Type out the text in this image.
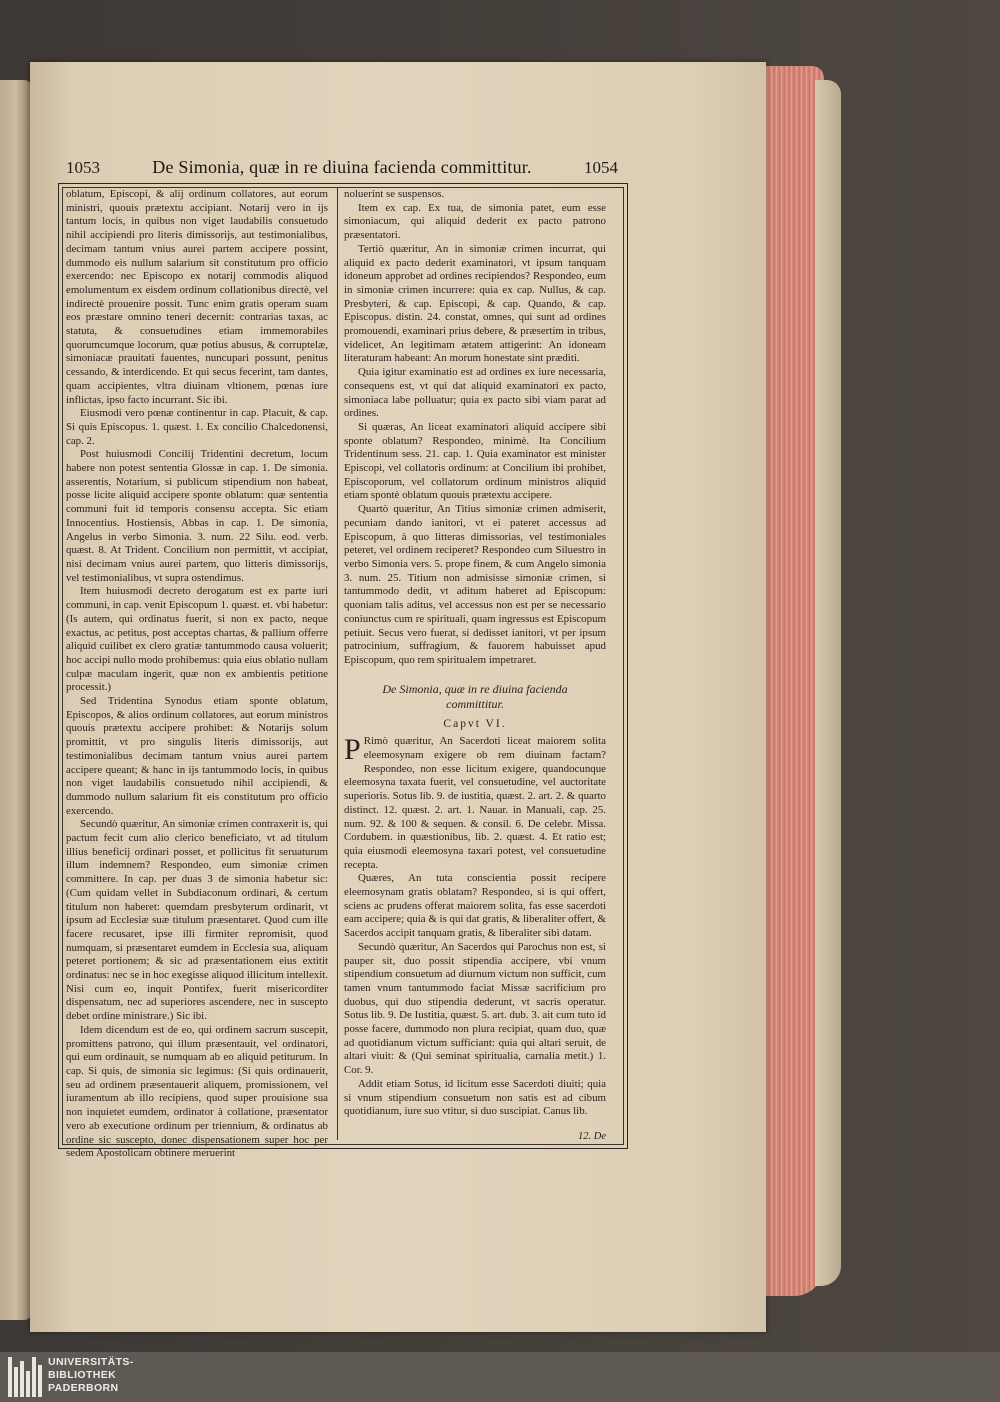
1053	De Simonia, quæ in re diuina facienda committitur.	1054

oblatum, Episcopi, & alij ordinum collatores, aut eorum ministri, quouis prætextu accipiant. Notarij vero in ijs tantum locis, in quibus non viget laudabilis consuetudo nihil accipiendi pro literis dimissorijs, aut testimonialibus, decimam tantum vnius aurei partem accipere possint, dummodo eis nullum salarium sit constitutum pro officio exercendo: nec Episcopo ex notarij commodis aliquod emolumentum ex eisdem ordinum collationibus directè, vel indirectè prouenire possit. Tunc enim gratis operam suam eos præstare omnino teneri decernit: contrarias taxas, ac statuta, & consuetudines etiam immemorabiles quorumcumque locorum, quæ potius abusus, & corruptelæ, simoniacæ prauitati fauentes, nuncupari possunt, penitus cessando, & interdicendo. Et qui secus fecerint, tam dantes, quam accipientes, vltra diuinam vltionem, pœnas iure inflictas, ipso facto incurrant. Sic ibi.

Eiusmodi vero pœnæ continentur in cap. Placuit, & cap. Si quis Episcopus. 1. quæst. 1. Ex concilio Chalcedonensi, cap. 2.

Post huiusmodi Concilij Tridentini decretum, locum habere non potest sententia Glossæ in cap. 1. De simonia. asserentis, Notarium, si publicum stipendium non habeat, posse licite aliquid accipere sponte oblatum: quæ sententia communi fuit id temporis consensu accepta. Sic etiam Innocentius. Hostiensis, Abbas in cap. 1. De simonia, Angelus in verbo Simonia. 3. num. 22 Silu. eod. verb. quæst. 8. At Trident. Concilium non permittit, vt accipiat, nisi decimam vnius aurei partem, quo litteris dimissorijs, vel testimonialibus, vt supra ostendimus.

Item huiusmodi decreto derogatum est ex parte iuri communi, in cap. venit Episcopum 1. quæst. et. vbi habetur: (Is autem, qui ordinatus fuerit, si non ex pacto, neque exactus, ac petitus, post acceptas chartas, & pallium offerre aliquid cuilibet ex clero gratiæ tantummodo causa voluerit; hoc accipi nullo modo prohibemus: quia eius oblatio nullam culpæ maculam ingerit, quæ non ex ambientis petitione processit.)

Sed Tridentina Synodus etiam sponte oblatum, Episcopos, & alios ordinum collatores, aut eorum ministros quouis prætextu accipere prohibet: & Notarijs solum promittit, vt pro singulis literis dimissorijs, aut testimonialibus decimam tantum vnius aurei partem accipere queant; & hanc in ijs tantummodo locis, in quibus non viget laudabilis consuetudo nihil accipiendi, & dummodo nullum salarium fit eis constitutum pro officio exercendo.

Secundò quæritur, An simoniæ crimen contraxerit is, qui pactum fecit cum alio clerico beneficiato, vt ad titulum illius beneficij ordinari posset, et pollicitus fit seruaturum illum indemnem? Respondeo, eum simoniæ crimen committere. In cap. per duas 3 de simonia habetur sic: (Cum quidam vellet in Subdiaconum ordinari, & certum titulum non haberet: quemdam presbyterum ordinarit, vt ipsum ad Ecclesiæ suæ titulum præsentaret. Quod cum ille facere recusaret, ipse illi firmiter repromisit, quod numquam, si præsentaret eumdem in Ecclesia sua, aliquam peteret portionem; & sic ad præsentationem eius extitit ordinatus: nec se in hoc exegisse aliquod illicitum intellexit. Nisi cum eo, inquit Pontifex, fuerit misericorditer dispensatum, nec ad superiores ascendere, nec in suscepto debet ordine ministrare.) Sic ibi.

Idem dicendum est de eo, qui ordinem sacrum suscepit, promittens patrono, qui illum præsentauit, vel ordinatori, qui eum ordinauit, se numquam ab eo aliquid petiturum. In cap. Si quis, de simonia sic legimus: (Si quis ordinauerit, seu ad ordinem præsentauerit aliquem, promissionem, vel iuramentum ab illo recipiens, quod super prouisione sua non inquietet eumdem, ordinator à collatione, præsentator vero ab executione ordinum per triennium, & ordinatus ab ordine sic suscepto, donec dispensationem super hoc per sedem Apostolicam obtinere meruerint

noluerint se suspensos.

Item ex cap. Ex tua, de simonia patet, eum esse simoniacum, qui aliquid dederit ex pacto patrono præsentatori.

Tertiò quæritur, An in simoniæ crimen incurrat, qui aliquid ex pacto dederit examinatori, vt ipsum tanquam idoneum approbet ad ordines recipiendos? Respondeo, eum in simoniæ crimen incurrere: quia ex cap. Nullus, & cap. Presbyteri, & cap. Episcopi, & cap. Quando, & cap. Episcopus. distin. 24. constat, omnes, qui sunt ad ordines promouendi, examinari prius debere, & præsertim in tribus, videlicet, An legitimam ætatem attigerint: An idoneam literaturam habeant: An morum honestate sint præditi.

Quia igitur examinatio est ad ordines ex iure necessaria, consequens est, vt qui dat aliquid examinatori ex pacto, simoniaca labe polluatur; quia ex pacto sibi viam parat ad ordines.

Si quæras, An liceat examinatori aliquid accipere sibi sponte oblatum? Respondeo, minimè. Ita Concilium Tridentinum sess. 21. cap. 1. Quia examinator est minister Episcopi, vel collatoris ordinum: at Concilium ibi prohibet, Episcoporum, vel collatorum ordinum ministros aliquid etiam spontè oblatum quouis prætextu accipere.

Quartò quæritur, An Titius simoniæ crimen admiserit, pecuniam dando ianitori, vt ei pateret accessus ad Episcopum, à quo litteras dimissorias, vel testimoniales peteret, vel ordinem reciperet? Respondeo cum Siluestro in verbo Simonia vers. 5. prope finem, & cum Angelo simonia 3. num. 25. Titium non admisisse simoniæ crimen, si tantummodo dedit, vt aditum haberet ad Episcopum: quoniam talis aditus, vel accessus non est per se necessario coniunctus cum re spirituali, quam ingressus est Episcopum petiuit. Secus vero fuerat, si dedisset ianitori, vt per ipsum patrocinium, suffragium, & fauorem habuisset apud Episcopum, quo rem spiritualem impetraret.

De Simonia, quæ in re diuina facienda committitur.
Capvt VI.

P Rimò quæritur, An Sacerdoti liceat maiorem solita eleemosynam exigere ob rem diuinam factam? Respondeo, non esse licitum exigere, quandocunque eleemosyna taxata fuerit, vel consuetudine, vel auctoritate superioris. Sotus lib. 9. de iustitia, quæst. 2. art. 2. & quarto distinct. 12. quæst. 2. art. 1. Nauar. in Manuali, cap. 25. num. 92. & 100 & sequen. & consil. 6. De celebr. Missa. Cordubem. in quæstionibus, lib. 2. quæst. 4. Et ratio est; quia eiusmodi eleemosyna taxari potest, vel consuetudine recepta.

Quæres, An tuta conscientia possit recipere eleemosynam gratis oblatam? Respondeo, si is qui offert, sciens ac prudens offerat maiorem solita, fas esse sacerdoti eam accipere; quia & is qui dat gratis, & liberaliter offert, & Sacerdos accipit tanquam gratis, & liberaliter sibi datam.

Secundò quæritur, An Sacerdos qui Parochus non est, si pauper sit, duo possit stipendia accipere, vbi vnum stipendium consuetum ad diurnum victum non sufficit, cum tamen vnum tantummodo faciat Missæ sacrificium pro duobus, qui duo stipendia dederunt, vt sacris operatur. Sotus lib. 9. De Iustitia, quæst. 5. art. dub. 3. ait cum tuto id posse facere, dummodo non plura recipiat, quam duo, quæ ad quotidianum victum sufficiant: quia qui altari seruit, de altari viuit: & (Qui seminat spiritualia, carnalia metit.) 1. Cor. 9.

Addit etiam Sotus, id licitum esse Sacerdoti diuiti; quia si vnum stipendium consuetum non satis est ad cibum quotidianum, iure suo vtitur, si duo suscipiat. Canus lib.

12. De
UNIVERSITÄTS-
BIBLIOTHEK
PADERBORN
